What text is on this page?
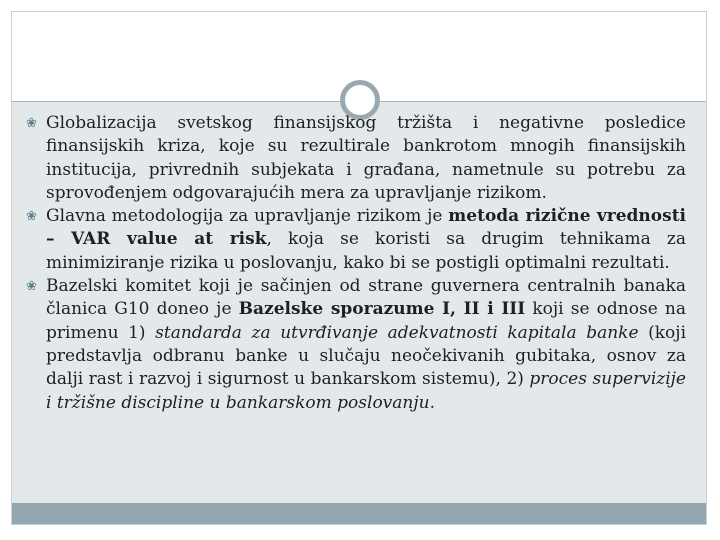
❀ Globalizacija svetskog finansijskog tržišta i negativne posledice finansijskih kriza, koje su rezultirale bankrotom mnogih finansijskih institucija, privrednih subjekata i građana, nametnule su potrebu za sprovođenjem odgovarajućih mera za upravljanje rizikom.
❀ Glavna metodologija za upravljanje rizikom je metoda rizične vrednosti – VAR value at risk, koja se koristi sa drugim tehnikama za minimiziranje rizika u poslovanju, kako bi se postigli optimalni rezultati.
❀ Bazelski komitet koji je sačinjen od strane guvernera centralnih banaka članica G10 doneo je Bazelske sporazume I, II i III koji se odnose na primenu 1) standarda za utvrđivanje adekvatnosti kapitala banke (koji predstavlja odbranu banke u slučaju neočekivanih gubitaka, osnov za dalji rast i razvoj i sigurnost u bankarskom sistemu), 2) proces supervizije i tržišne discipline u bankarskom poslovanju.
